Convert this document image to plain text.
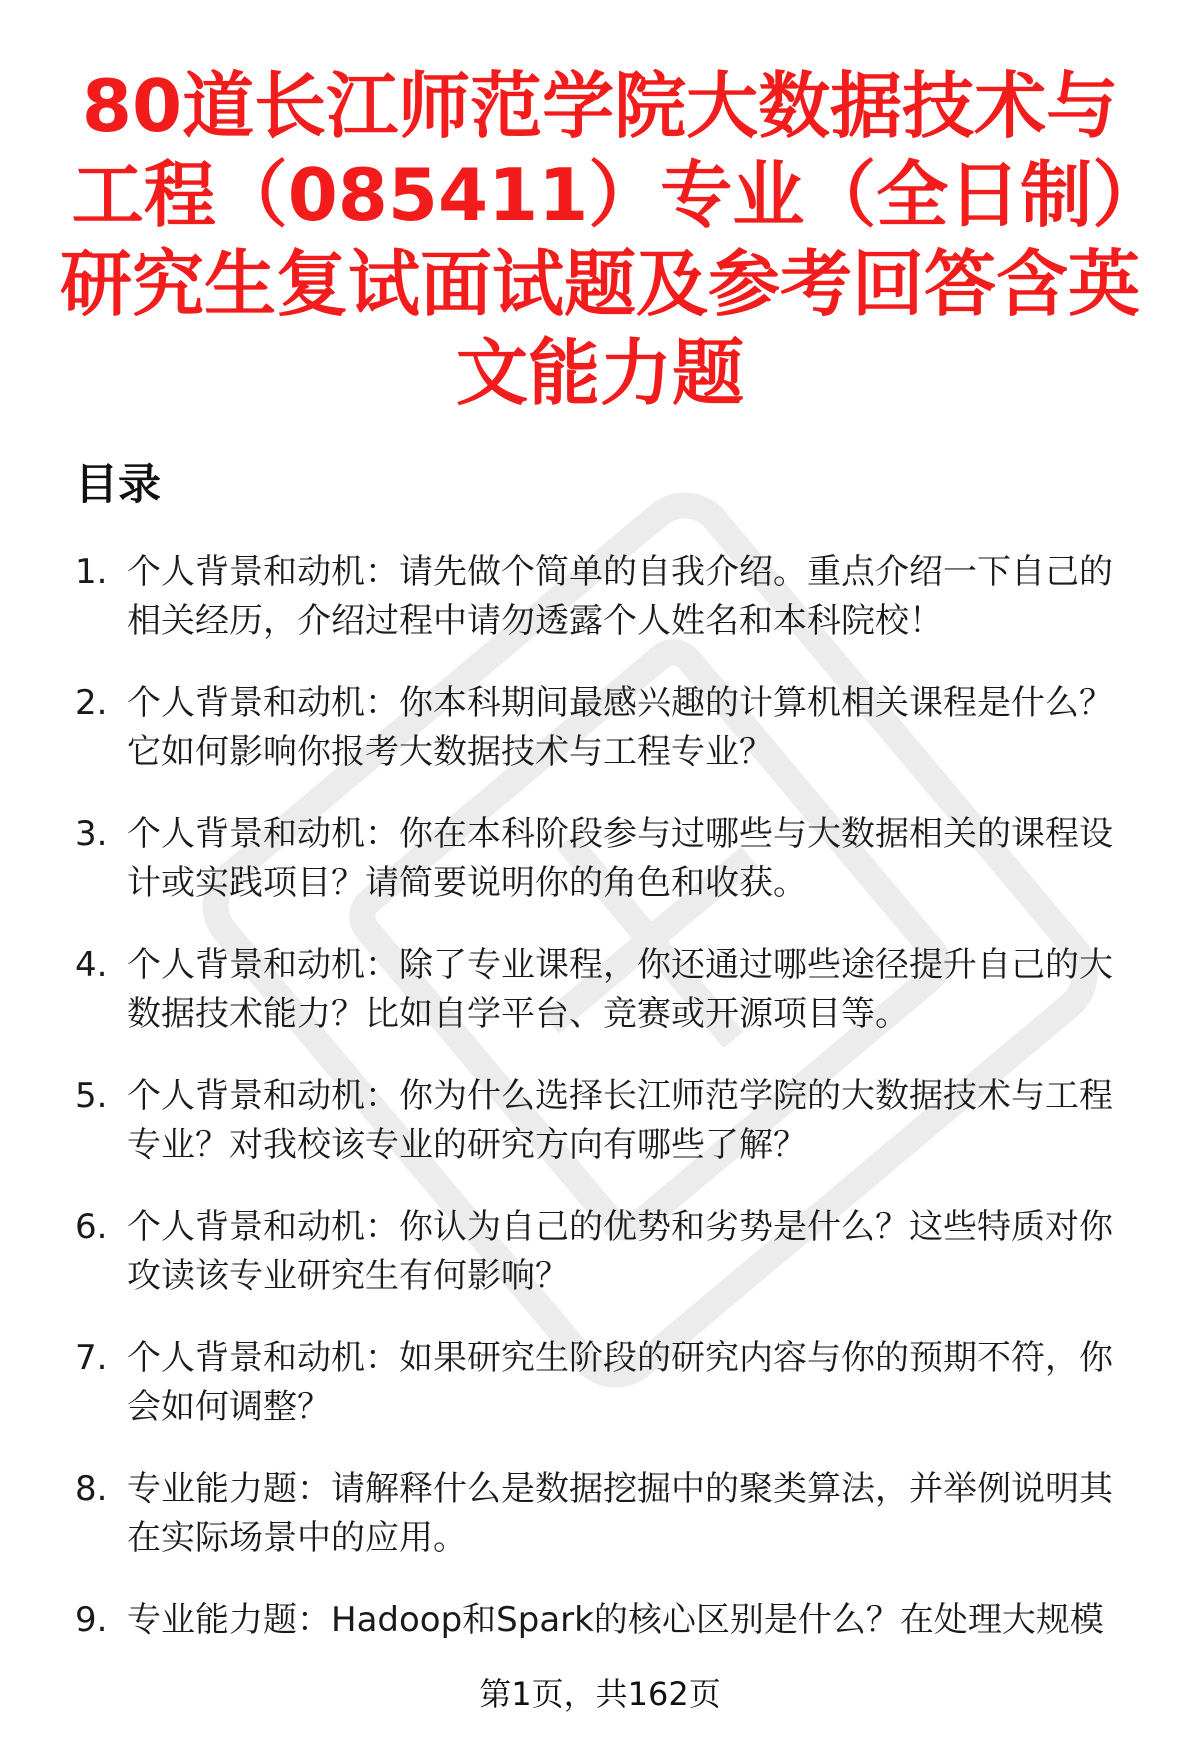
80道长江师范学院大数据技术与工程（085411）专业（全日制）研究生复试面试题及参考回答含英文能力题
目录
1. 个人背景和动机：请先做个简单的自我介绍。重点介绍一下自己的相关经历，介绍过程中请勿透露个人姓名和本科院校！
2. 个人背景和动机：你本科期间最感兴趣的计算机相关课程是什么？它如何影响你报考大数据技术与工程专业？
3. 个人背景和动机：你在本科阶段参与过哪些与大数据相关的课程设计或实践项目？请简要说明你的角色和收获。
4. 个人背景和动机：除了专业课程，你还通过哪些途径提升自己的大数据技术能力？比如自学平台、竞赛或开源项目等。
5. 个人背景和动机：你为什么选择长江师范学院的大数据技术与工程专业？对我校该专业的研究方向有哪些了解？
6. 个人背景和动机：你认为自己的优势和劣势是什么？这些特质对你攻读该专业研究生有何影响？
7. 个人背景和动机：如果研究生阶段的研究内容与你的预期不符，你会如何调整？
8. 专业能力题：请解释什么是数据挖掘中的聚类算法，并举例说明其在实际场景中的应用。
9. 专业能力题：Hadoop和Spark的核心区别是什么？在处理大规模
第1页，共162页
